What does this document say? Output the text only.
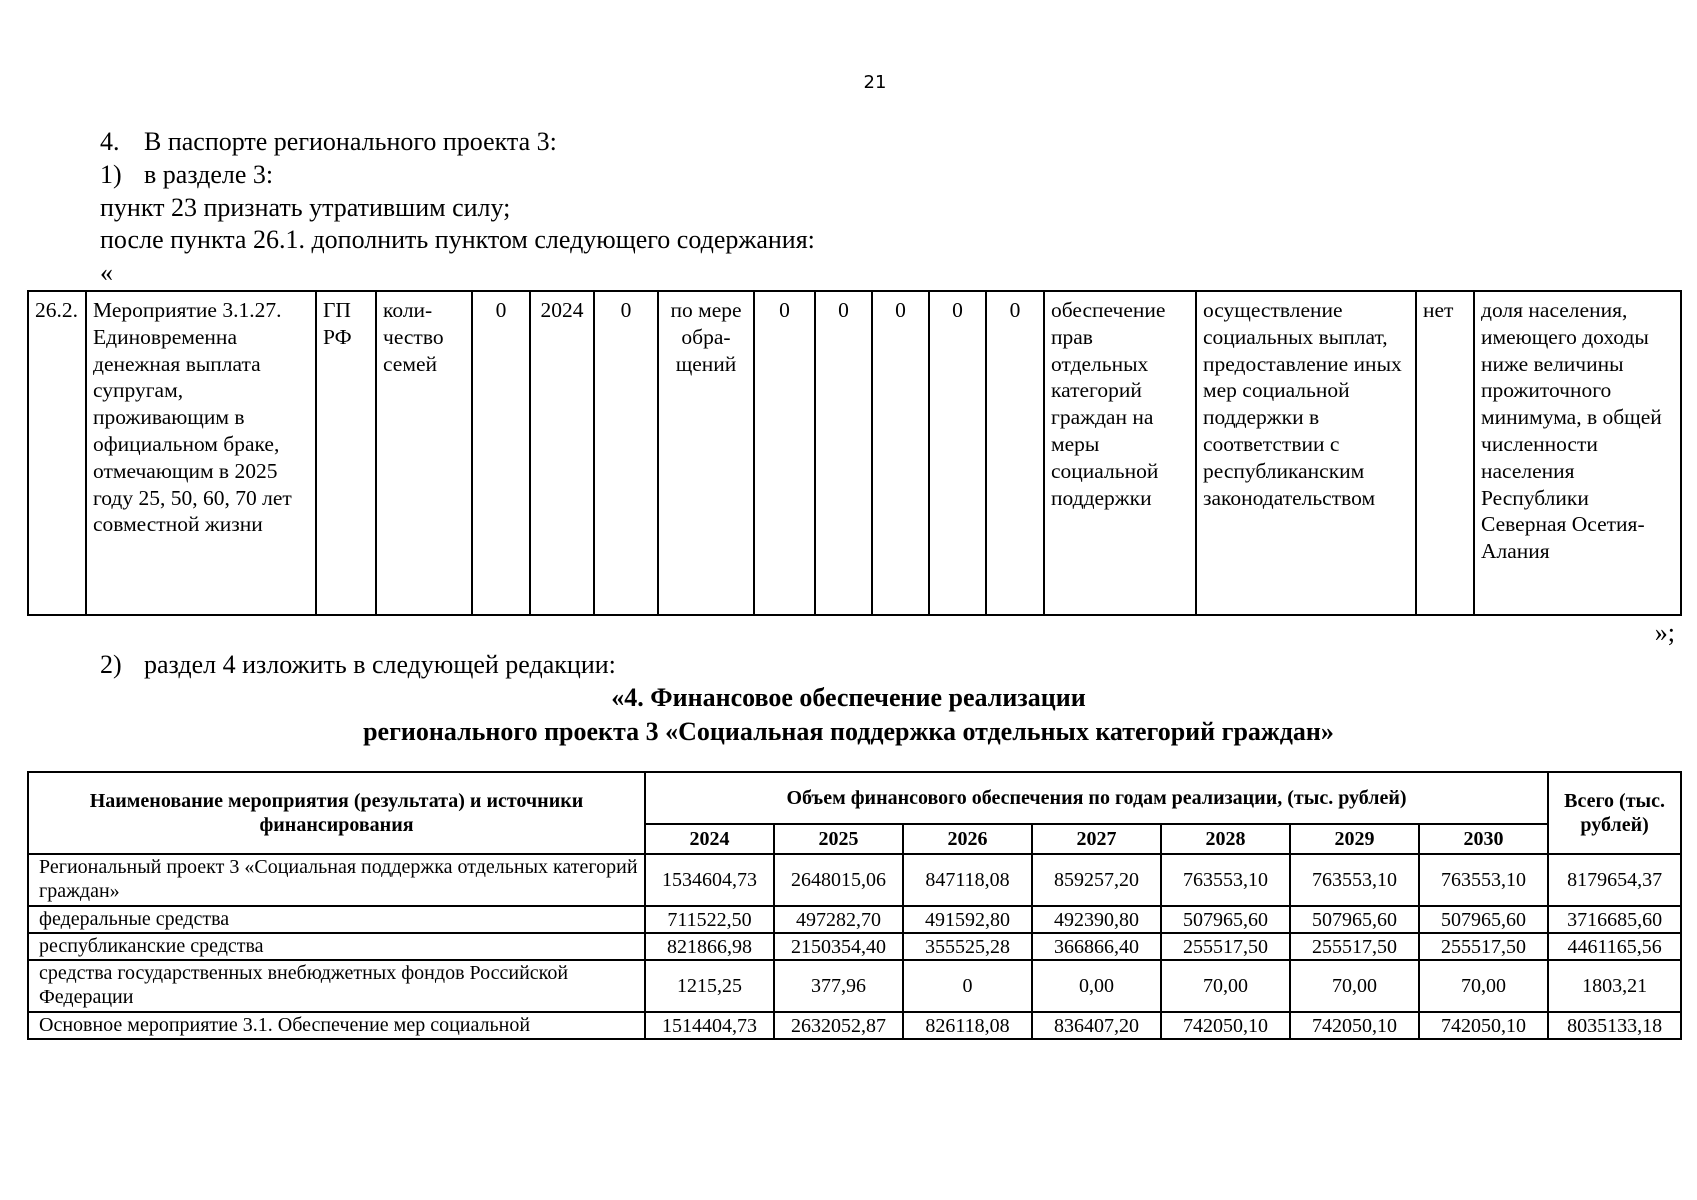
21
4. В паспорте регионального проекта 3:
1) в разделе 3:
пункт 23 признать утратившим силу;
после пункта 26.1. дополнить пунктом следующего содержания:
«
26.2.	Мероприятие 3.1.27. Единовременна денежная выплата супругам, проживающим в официальном браке, отмечающим в 2025 году 25, 50, 60, 70 лет совместной жизни	ГП РФ	коли-чество семей	0	2024	0	по мере обра-щений	0	0	0	0	0	обеспечение прав отдельных категорий граждан на меры социальной поддержки	осуществление социальных выплат, предоставление иных мер социальной поддержки в соответствии с республиканским законодательством	нет	доля населения, имеющего доходы ниже величины прожиточного минимума, в общей численности населения Республики Северная Осетия-Алания
»;
2) раздел 4 изложить в следующей редакции:
«4. Финансовое обеспечение реализации
регионального проекта 3 «Социальная поддержка отдельных категорий граждан»
Наименование мероприятия (результата) и источники финансирования	Объем финансового обеспечения по годам реализации, (тыс. рублей)							Всего (тыс. рублей)
	2024	2025	2026	2027	2028	2029	2030	
Региональный проект 3 «Социальная поддержка отдельных категорий граждан»	1534604,73	2648015,06	847118,08	859257,20	763553,10	763553,10	763553,10	8179654,37
федеральные средства	711522,50	497282,70	491592,80	492390,80	507965,60	507965,60	507965,60	3716685,60
республиканские средства	821866,98	2150354,40	355525,28	366866,40	255517,50	255517,50	255517,50	4461165,56
средства государственных внебюджетных фондов Российской Федерации	1215,25	377,96	0	0,00	70,00	70,00	70,00	1803,21
Основное мероприятие 3.1. Обеспечение мер социальной	1514404,73	2632052,87	826118,08	836407,20	742050,10	742050,10	742050,10	8035133,18
